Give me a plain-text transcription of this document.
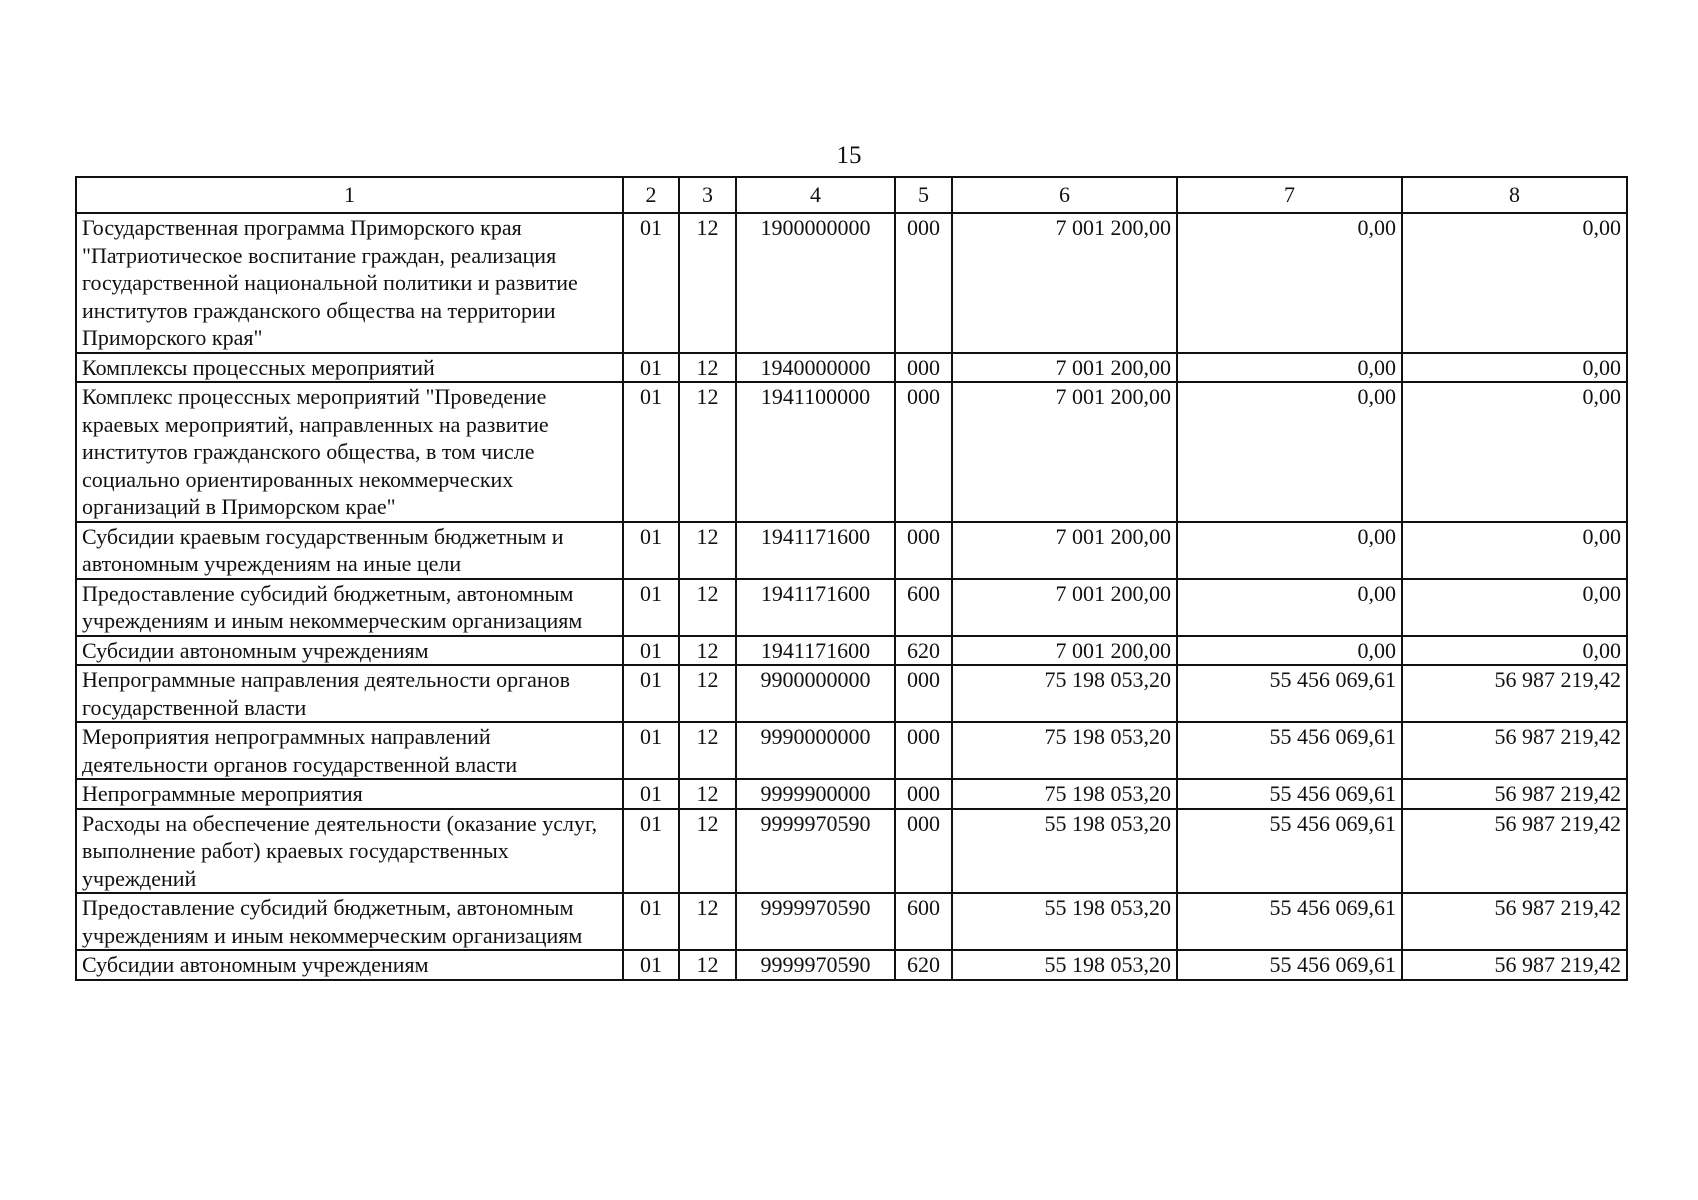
15
1	2	3	4	5	6	7	8
Государственная программа Приморского края "Патриотическое воспитание граждан, реализация государственной национальной политики и развитие институтов гражданского общества на территории Приморского края"	01	12	1900000000	000	7 001 200,00	0,00	0,00
Комплексы процессных мероприятий	01	12	1940000000	000	7 001 200,00	0,00	0,00
Комплекс процессных мероприятий "Проведение краевых мероприятий, направленных на развитие институтов гражданского общества, в том числе социально ориентированных некоммерческих организаций в Приморском крае"	01	12	1941100000	000	7 001 200,00	0,00	0,00
Субсидии краевым государственным бюджетным и автономным учреждениям на иные цели	01	12	1941171600	000	7 001 200,00	0,00	0,00
Предоставление субсидий бюджетным, автономным учреждениям и иным некоммерческим организациям	01	12	1941171600	600	7 001 200,00	0,00	0,00
Субсидии автономным учреждениям	01	12	1941171600	620	7 001 200,00	0,00	0,00
Непрограммные направления деятельности органов государственной власти	01	12	9900000000	000	75 198 053,20	55 456 069,61	56 987 219,42
Мероприятия непрограммных направлений деятельности органов государственной власти	01	12	9990000000	000	75 198 053,20	55 456 069,61	56 987 219,42
Непрограммные мероприятия	01	12	9999900000	000	75 198 053,20	55 456 069,61	56 987 219,42
Расходы на обеспечение деятельности (оказание услуг, выполнение работ) краевых государственных учреждений	01	12	9999970590	000	55 198 053,20	55 456 069,61	56 987 219,42
Предоставление субсидий бюджетным, автономным учреждениям и иным некоммерческим организациям	01	12	9999970590	600	55 198 053,20	55 456 069,61	56 987 219,42
Субсидии автономным учреждениям	01	12	9999970590	620	55 198 053,20	55 456 069,61	56 987 219,42
